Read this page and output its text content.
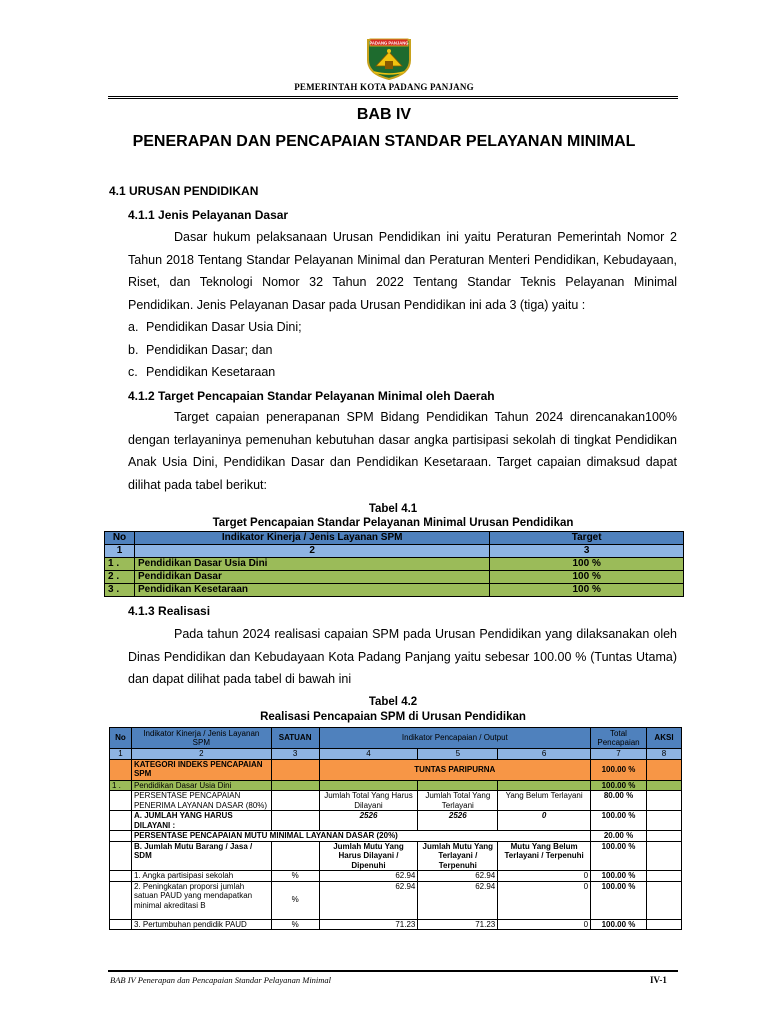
PADANG PANJANG
PEMERINTAH KOTA PADANG PANJANG
BAB IV
PENERAPAN DAN PENCAPAIAN STANDAR PELAYANAN MINIMAL
4.1 URUSAN PENDIDIKAN
4.1.1 Jenis Pelayanan Dasar
Dasar hukum pelaksanaan Urusan Pendidikan ini yaitu Peraturan Pemerintah Nomor 2 Tahun 2018 Tentang Standar Pelayanan Minimal dan Peraturan Menteri Pendidikan, Kebudayaan, Riset, dan Teknologi Nomor 32 Tahun 2022 Tentang Standar Teknis Pelayanan Minimal Pendidikan. Jenis Pelayanan Dasar pada Urusan Pendidikan ini ada 3 (tiga) yaitu :
a. Pendidikan Dasar Usia Dini;
b. Pendidikan Dasar; dan
c. Pendidikan Kesetaraan
4.1.2 Target Pencapaian Standar Pelayanan Minimal oleh Daerah
Target capaian penerapanan SPM Bidang Pendidikan Tahun 2024 direncanakan100% dengan terlayaninya pemenuhan kebutuhan dasar angka partisipasi sekolah di tingkat Pendidikan Anak Usia Dini, Pendidikan Dasar dan Pendidikan Kesetaraan. Target capaian dimaksud dapat dilihat pada tabel berikut:
Tabel 4.1
Target Pencapaian Standar Pelayanan Minimal Urusan Pendidikan
No	Indikator Kinerja / Jenis Layanan SPM	Target
1	2	3
1 .	Pendidikan Dasar Usia Dini	100 %
2 .	Pendidikan Dasar	100 %
3 .	Pendidikan Kesetaraan	100 %
4.1.3 Realisasi
Pada tahun 2024 realisasi capaian SPM pada Urusan Pendidikan yang dilaksanakan oleh Dinas Pendidikan dan Kebudayaan Kota Padang Panjang yaitu sebesar 100.00 % (Tuntas Utama) dan dapat dilihat pada tabel di bawah ini
Tabel 4.2
Realisasi Pencapaian SPM di Urusan Pendidikan
No	Indikator Kinerja / Jenis Layanan SPM	SATUAN	Indikator Pencapaian / Output			Total Pencapaian	AKSI
1	2	3	4	5	6	7	8
	KATEGORI INDEKS PENCAPAIAN SPM		TUNTAS PARIPURNA			100.00 %	
1 .	Pendidikan Dasar Usia Dini					100.00 %	
	PERSENTASE PENCAPAIAN PENERIMA LAYANAN DASAR (80%)		Jumlah Total Yang Harus Dilayani	Jumlah Total Yang Terlayani	Yang Belum Terlayani	80.00 %	
	A. JUMLAH YANG HARUS DILAYANI :		2526	2526	0	100.00 %	
	PERSENTASE PENCAPAIAN MUTU MINIMAL LAYANAN DASAR (20%)					20.00 %	
	B. Jumlah Mutu Barang / Jasa / SDM		Jumlah Mutu Yang Harus Dilayani / Dipenuhi	Jumlah Mutu Yang Terlayani / Terpenuhi	Mutu Yang Belum Terlayani / Terpenuhi	100.00 %	
	1. Angka partisipasi sekolah	%	62.94	62.94	0	100.00 %	
	2. Peningkatan proporsi jumlah satuan PAUD yang mendapatkan minimal akreditasi B	%	62.94	62.94	0	100.00 %	
	3. Pertumbuhan pendidik PAUD	%	71.23	71.23	0	100.00 %	
BAB IV Penerapan dan Pencapaian Standar Pelayanan Minimal	IV-1
